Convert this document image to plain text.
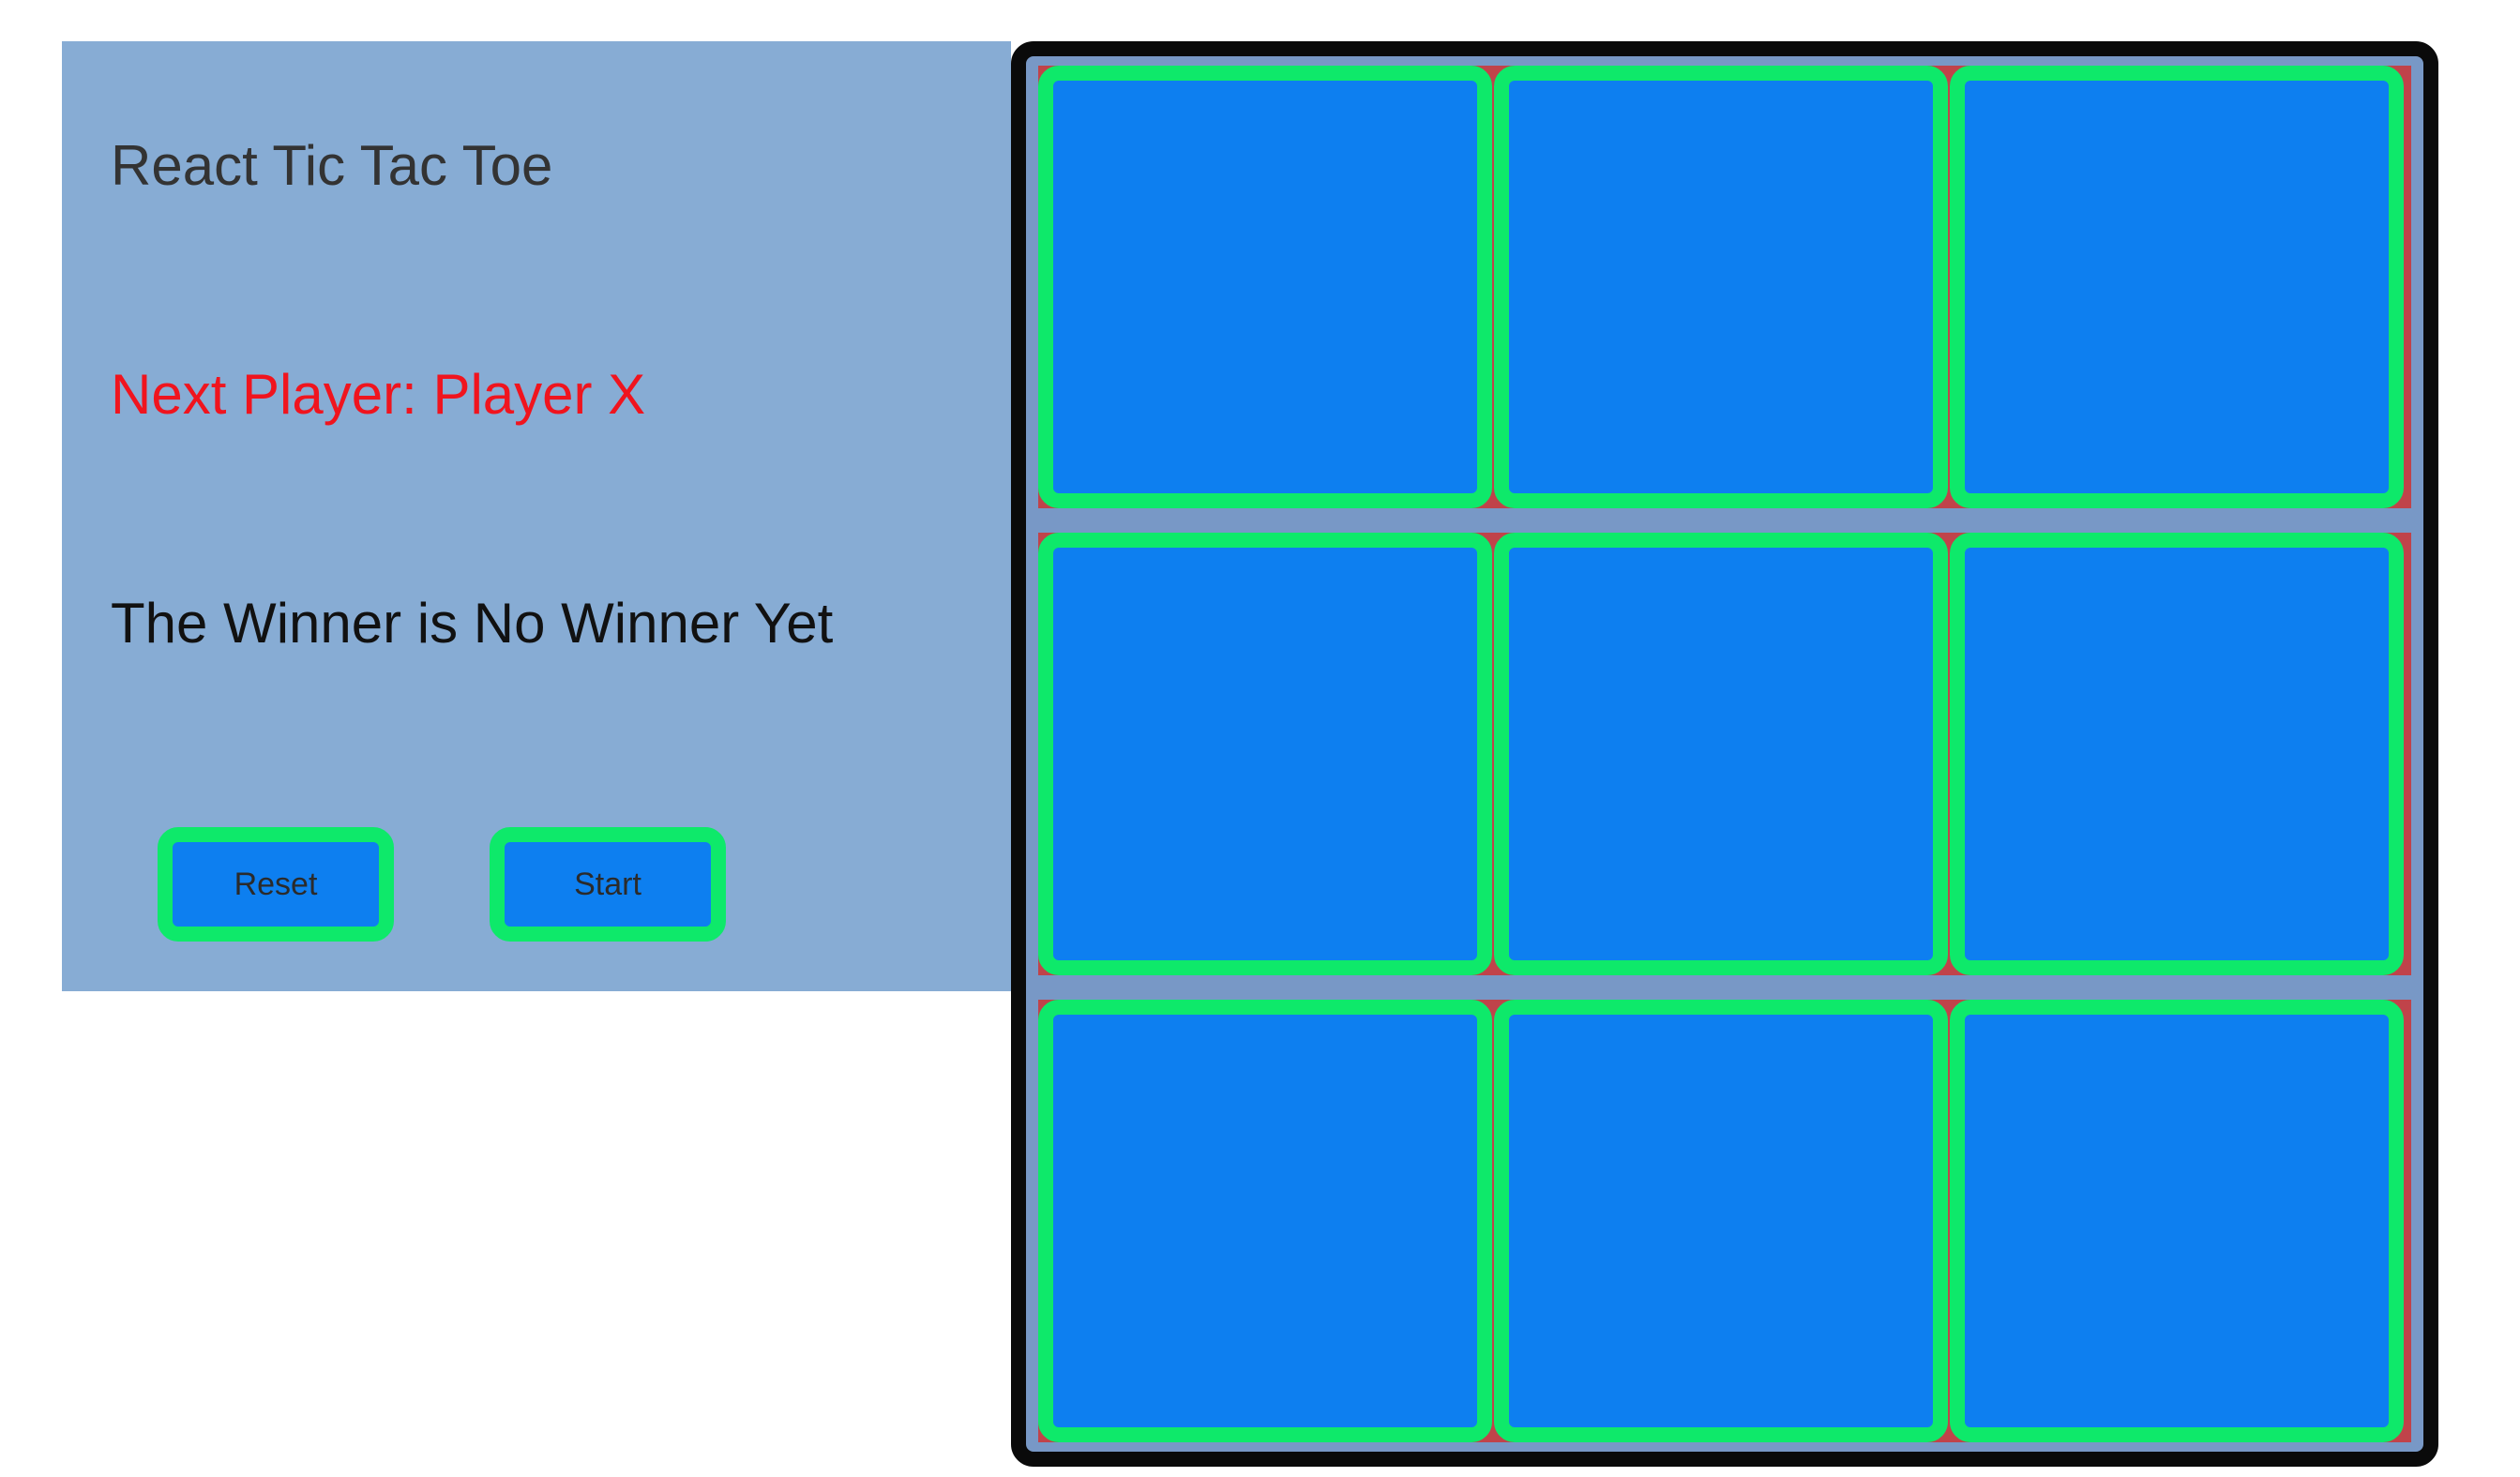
React Tic Tac Toe

Next Player: Player X

The Winner is No Winner Yet

Reset	Start
